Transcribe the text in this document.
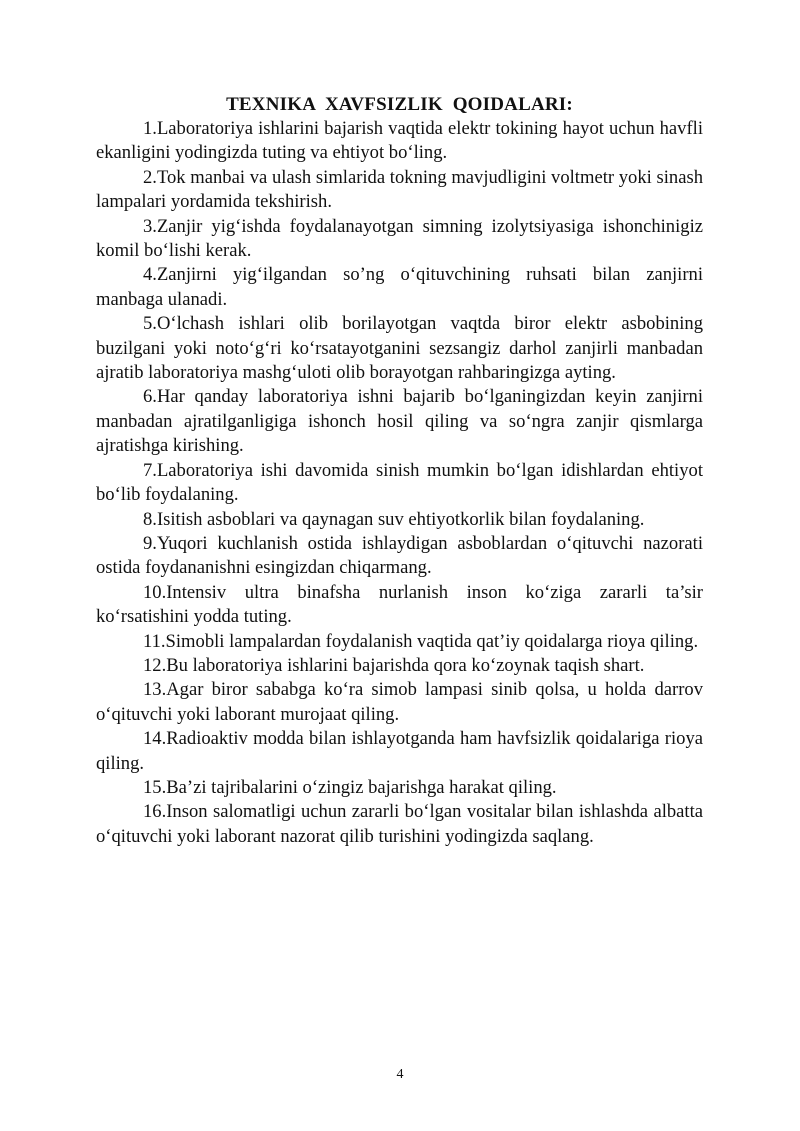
TEXNIKA  XAVFSIZLIK  QOIDALARI:

1.Laboratoriya ishlarini bajarish vaqtida elektr tokining hayot uchun havfli ekanligini yodingizda tuting va ehtiyot bo‘ling.

2.Tok manbai va ulash simlarida tokning mavjudligini voltmetr yoki sinash lampalari yordamida tekshirish.

3.Zanjir yig‘ishda foydalanayotgan simning izolytsiyasiga ishonchinigiz komil bo‘lishi kerak.

4.Zanjirni yig‘ilgandan so’ng o‘qituvchining ruhsati bilan zanjirni manbaga ulanadi.

5.O‘lchash ishlari olib borilayotgan vaqtda biror elektr asbobining buzilgani yoki noto‘g‘ri ko‘rsatayotganini sezsangiz darhol zanjirli manbadan ajratib laboratoriya mashg‘uloti olib borayotgan rahbaringizga ayting.

6.Har qanday laboratoriya ishni bajarib bo‘lganingizdan keyin zanjirni manbadan ajratilganligiga ishonch hosil qiling va so‘ngra zanjir qismlarga ajratishga kirishing.

7.Laboratoriya ishi davomida sinish mumkin bo‘lgan idishlardan ehtiyot bo‘lib foydalaning.

8.Isitish asboblari va qaynagan suv ehtiyotkorlik bilan foydalaning.

9.Yuqori kuchlanish ostida ishlaydigan asboblardan o‘qituvchi nazorati ostida foydananishni esingizdan chiqarmang.

10.Intensiv ultra binafsha nurlanish inson ko‘ziga zararli ta’sir ko‘rsatishini yodda tuting.

11.Simobli lampalardan foydalanish vaqtida qat’iy qoidalarga rioya qiling.

12.Bu laboratoriya ishlarini bajarishda qora ko‘zoynak taqish shart.

13.Agar biror sababga ko‘ra simob lampasi sinib qolsa, u holda darrov o‘qituvchi yoki laborant murojaat qiling.

14.Radioaktiv modda bilan ishlayotganda ham havfsizlik qoidalariga rioya qiling.

15.Ba’zi tajribalarini o‘zingiz bajarishga harakat qiling.

16.Inson salomatligi uchun zararli bo‘lgan vositalar bilan ishlashda albatta o‘qituvchi yoki laborant nazorat qilib turishini yodingizda saqlang.

4
